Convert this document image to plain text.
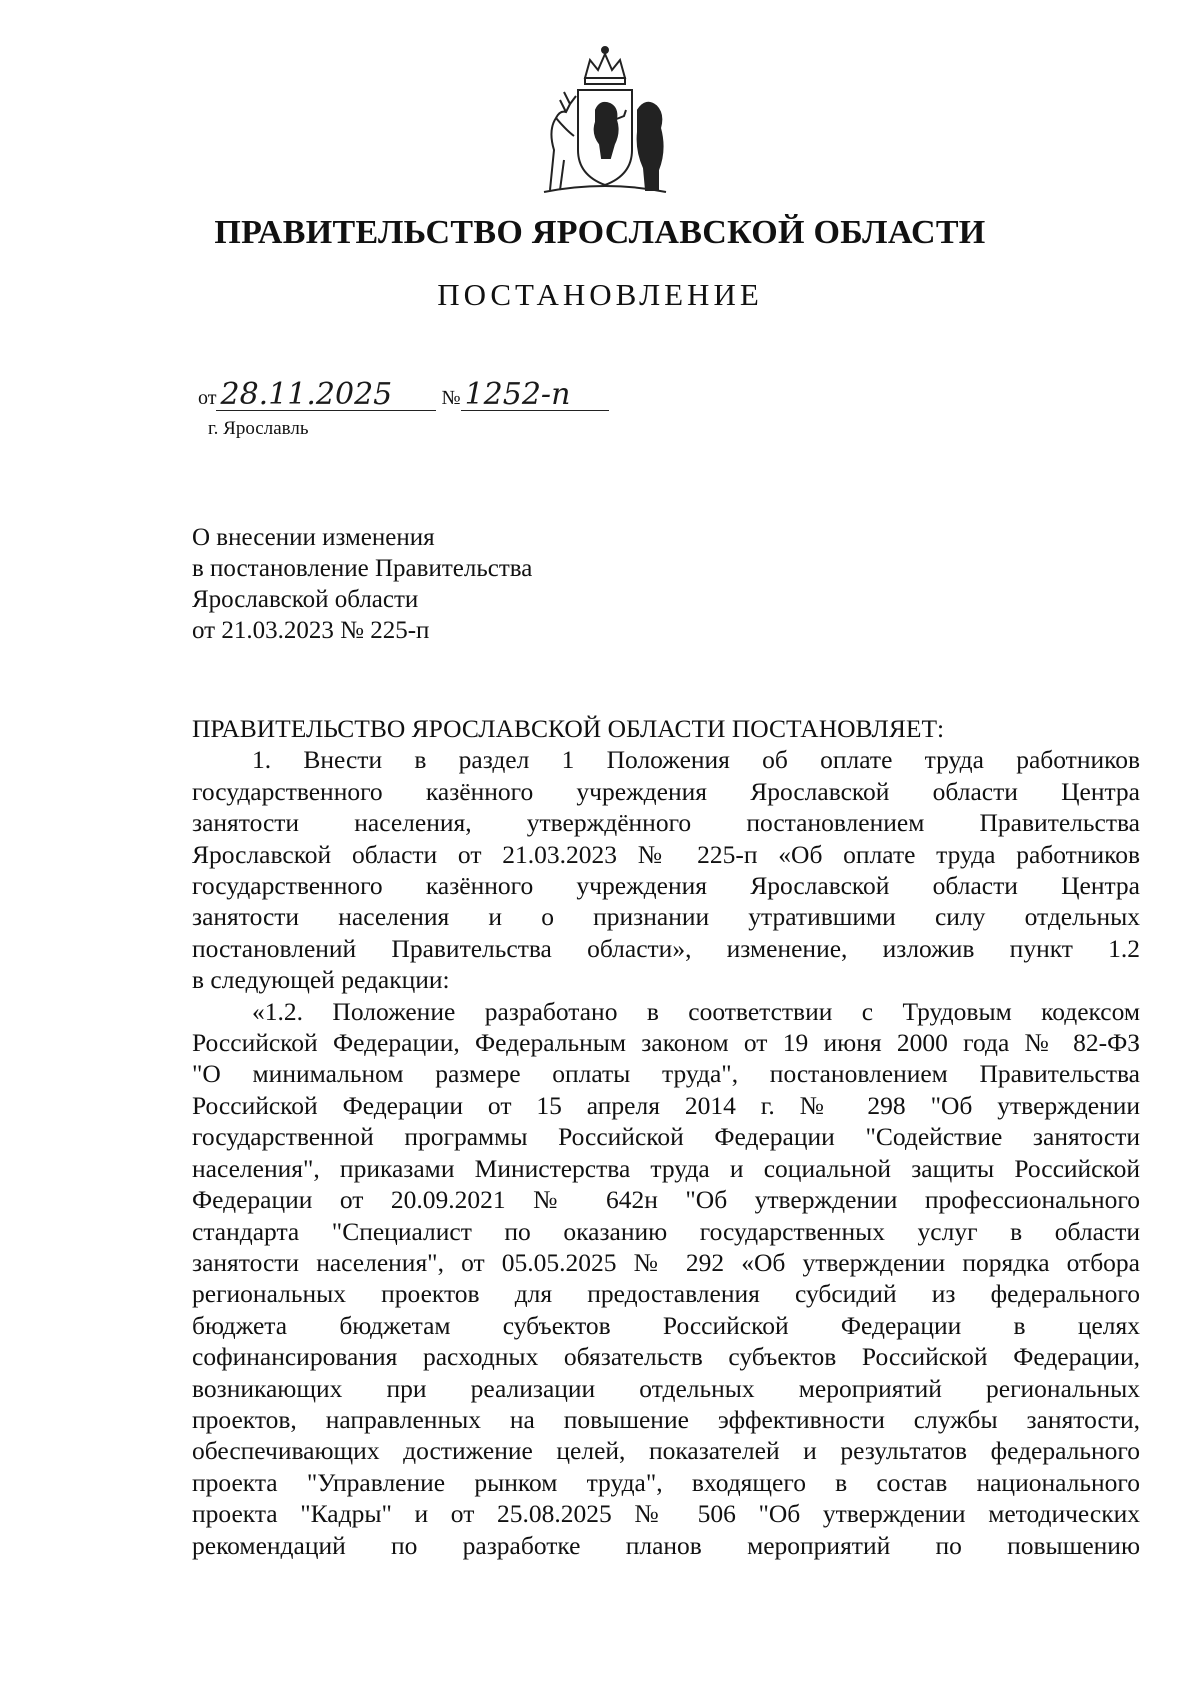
ПРАВИТЕЛЬСТВО ЯРОСЛАВСКОЙ ОБЛАСТИ
ПОСТАНОВЛЕНИЕ
от 28.11.2025 № 1252-п
г. Ярославль
О внесении изменения
в постановление Правительства
Ярославской области
от 21.03.2023 № 225-п
ПРАВИТЕЛЬСТВО ЯРОСЛАВСКОЙ ОБЛАСТИ ПОСТАНОВЛЯЕТ:
1. Внести в раздел 1 Положения об оплате труда работников
государственного казённого учреждения Ярославской области Центра
занятости населения, утверждённого постановлением Правительства
Ярославской области от 21.03.2023 № 225-п «Об оплате труда работников
государственного казённого учреждения Ярославской области Центра
занятости населения и о признании утратившими силу отдельных
постановлений Правительства области», изменение, изложив пункт 1.2
в следующей редакции:
«1.2. Положение разработано в соответствии с Трудовым кодексом
Российской Федерации, Федеральным законом от 19 июня 2000 года № 82-ФЗ
"О минимальном размере оплаты труда", постановлением Правительства
Российской Федерации от 15 апреля 2014 г. № 298 "Об утверждении
государственной программы Российской Федерации "Содействие занятости
населения", приказами Министерства труда и социальной защиты Российской
Федерации от 20.09.2021 № 642н "Об утверждении профессионального
стандарта "Специалист по оказанию государственных услуг в области
занятости населения", от 05.05.2025 № 292 «Об утверждении порядка отбора
региональных проектов для предоставления субсидий из федерального
бюджета бюджетам субъектов Российской Федерации в целях
софинансирования расходных обязательств субъектов Российской Федерации,
возникающих при реализации отдельных мероприятий региональных
проектов, направленных на повышение эффективности службы занятости,
обеспечивающих достижение целей, показателей и результатов федерального
проекта "Управление рынком труда", входящего в состав национального
проекта "Кадры" и от 25.08.2025 № 506 "Об утверждении методических
рекомендаций по разработке планов мероприятий по повышению
